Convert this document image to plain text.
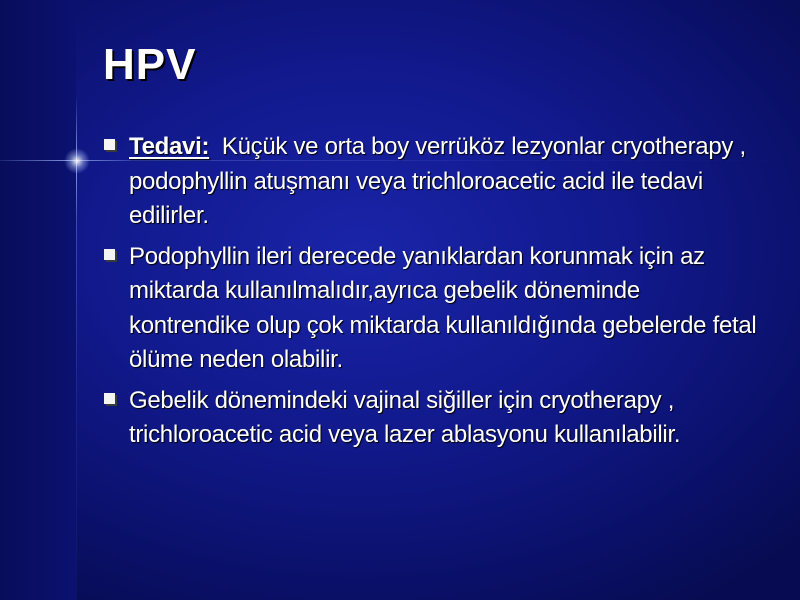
HPV
Tedavi: Küçük ve orta boy verrüköz lezyonlar cryotherapy , podophyllin atuşmanı veya trichloroacetic acid ile tedavi edilirler.
Podophyllin ileri derecede yanıklardan korunmak için az miktarda kullanılmalıdır,ayrıca gebelik döneminde kontrendike olup çok miktarda kullanıldığında gebelerde fetal ölüme neden olabilir.
Gebelik dönemindeki vajinal siğiller için cryotherapy , trichloroacetic acid veya lazer ablasyonu kullanılabilir.
